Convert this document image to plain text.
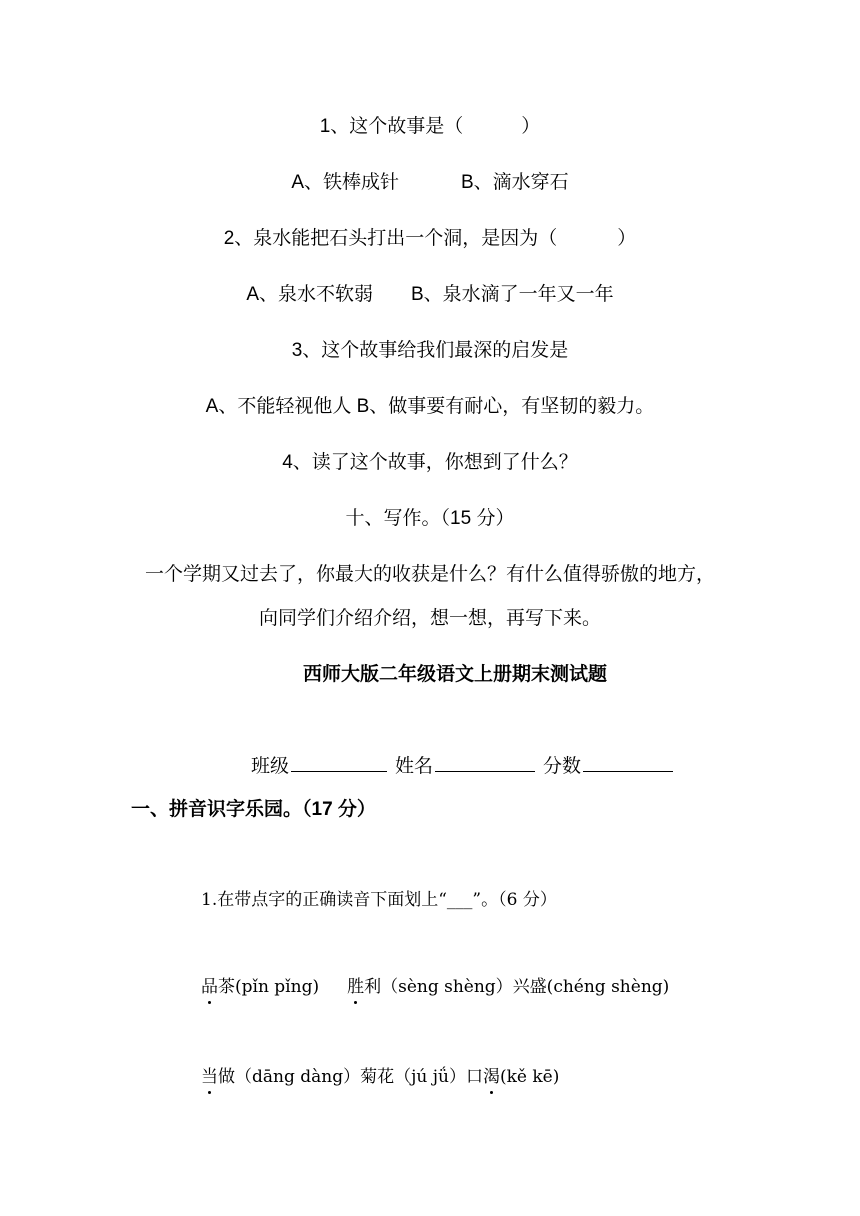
1、这个故事是（	）
A、铁棒成针	B、滴水穿石
2、泉水能把石头打出一个洞，是因为（	）
A、泉水不软弱 B、泉水滴了一年又一年
3、这个故事给我们最深的启发是
A、不能轻视他人 B、做事要有耐心，有坚韧的毅力。
4、读了这个故事，你想到了什么？
十、写作。（15 分）
一个学期又过去了，你最大的收获是什么？有什么值得骄傲的地方，
向同学们介绍介绍，想一想，再写下来。
西师大版二年级语文上册期末测试题
班级	姓名	分数
一、拼音识字乐园。（17 分）
1.在带点字的正确读音下面划上“___”。（6 分）
品茶(pǐn pǐng) 胜利（sèng shèng）兴盛(chéng shèng)
当做（dāng dàng）菊花（jú jǘ）口渴(kě kē)
